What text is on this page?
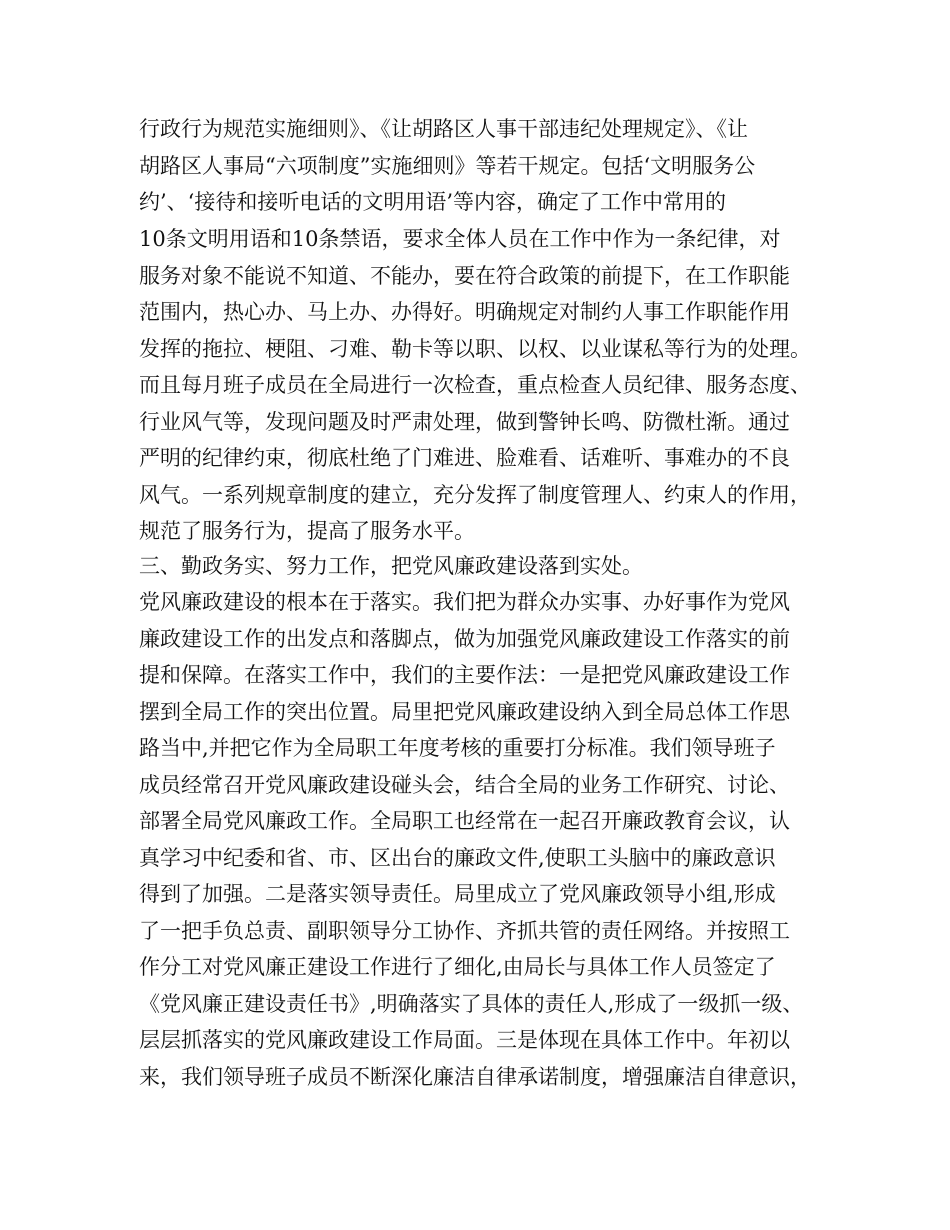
行政行为规范实施细则》、《让胡路区人事干部违纪处理规定》、《让
胡路区人事局“六项制度”实施细则》等若干规定。包括‘文明服务公
约’、‘接待和接听电话的文明用语’等内容，确定了工作中常用的
10条文明用语和10条禁语，要求全体人员在工作中作为一条纪律，对
服务对象不能说不知道、不能办，要在符合政策的前提下，在工作职能
范围内，热心办、马上办、办得好。明确规定对制约人事工作职能作用
发挥的拖拉、梗阻、刁难、勒卡等以职、以权、以业谋私等行为的处理。
而且每月班子成员在全局进行一次检查，重点检查人员纪律、服务态度、
行业风气等，发现问题及时严肃处理，做到警钟长鸣、防微杜渐。通过
严明的纪律约束，彻底杜绝了门难进、脸难看、话难听、事难办的不良
风气。一系列规章制度的建立，充分发挥了制度管理人、约束人的作用，
规范了服务行为，提高了服务水平。
三、勤政务实、努力工作，把党风廉政建设落到实处。
党风廉政建设的根本在于落实。我们把为群众办实事、办好事作为党风
廉政建设工作的出发点和落脚点，做为加强党风廉政建设工作落实的前
提和保障。在落实工作中，我们的主要作法：一是把党风廉政建设工作
摆到全局工作的突出位置。局里把党风廉政建设纳入到全局总体工作思
路当中,并把它作为全局职工年度考核的重要打分标准。我们领导班子
成员经常召开党风廉政建设碰头会，结合全局的业务工作研究、讨论、
部署全局党风廉政工作。全局职工也经常在一起召开廉政教育会议，认
真学习中纪委和省、市、区出台的廉政文件,使职工头脑中的廉政意识
得到了加强。二是落实领导责任。局里成立了党风廉政领导小组,形成
了一把手负总责、副职领导分工协作、齐抓共管的责任网络。并按照工
作分工对党风廉正建设工作进行了细化,由局长与具体工作人员签定了
《党风廉正建设责任书》,明确落实了具体的责任人,形成了一级抓一级、
层层抓落实的党风廉政建设工作局面。三是体现在具体工作中。年初以
来，我们领导班子成员不断深化廉洁自律承诺制度，增强廉洁自律意识，
